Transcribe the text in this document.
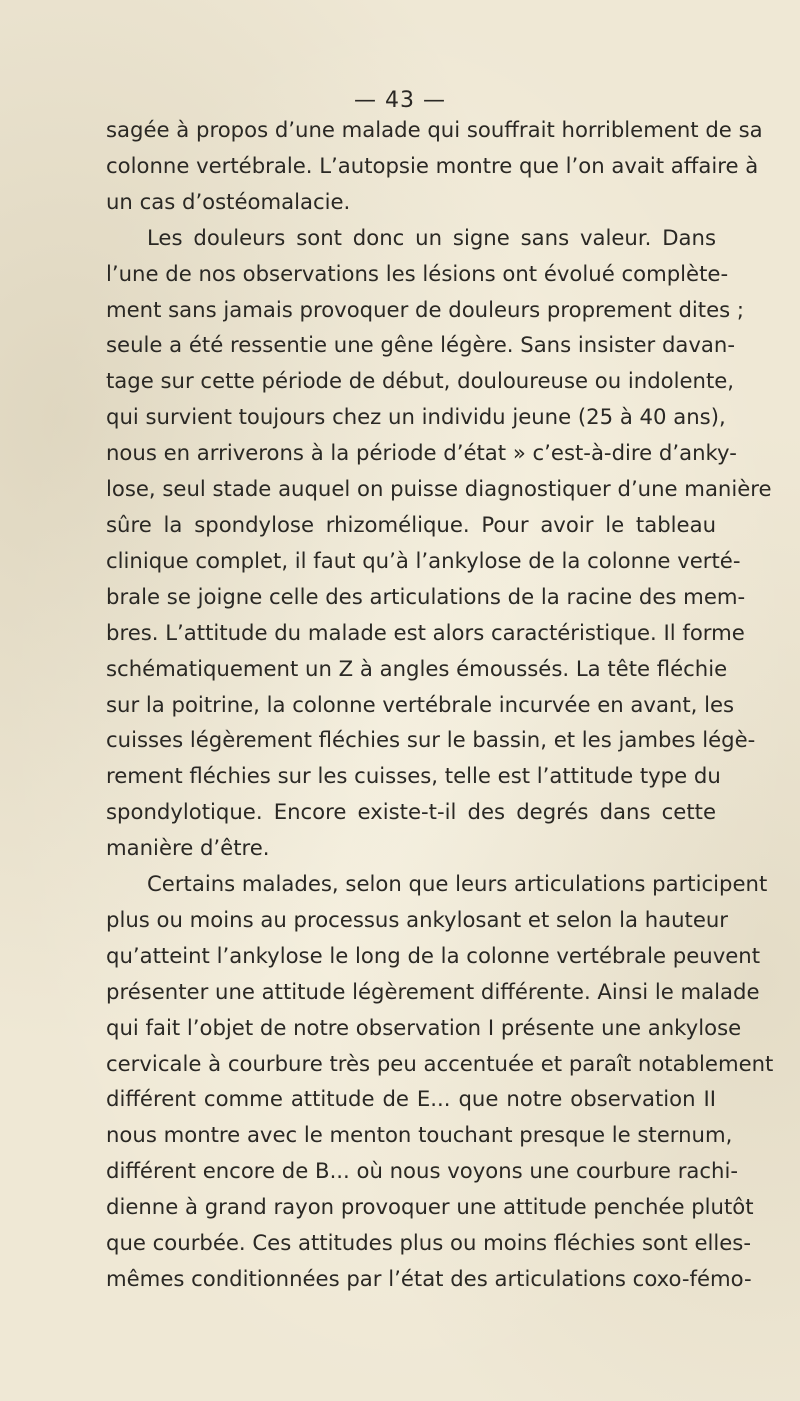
— 43 —
sagée à propos d’une malade qui souffrait horriblement de sa
colonne vertébrale. L’autopsie montre que l’on avait affaire à
un cas d’ostéomalacie.
Les douleurs sont donc un signe sans valeur. Dans
l’une de nos observations les lésions ont évolué complète-
ment sans jamais provoquer de douleurs proprement dites ;
seule a été ressentie une gêne légère. Sans insister davan-
tage sur cette période de début, douloureuse ou indolente,
qui survient toujours chez un individu jeune (25 à 40 ans),
nous en arriverons à la période d’état » c’est-à-dire d’anky-
lose, seul stade auquel on puisse diagnostiquer d’une manière
sûre la spondylose rhizomélique. Pour avoir le tableau
clinique complet, il faut qu’à l’ankylose de la colonne verté-
brale se joigne celle des articulations de la racine des mem-
bres. L’attitude du malade est alors caractéristique. Il forme
schématiquement un Z à angles émoussés. La tête fléchie
sur la poitrine, la colonne vertébrale incurvée en avant, les
cuisses légèrement fléchies sur le bassin, et les jambes légè-
rement fléchies sur les cuisses, telle est l’attitude type du
spondylotique. Encore existe-t-il des degrés dans cette
manière d’être.
Certains malades, selon que leurs articulations participent
plus ou moins au processus ankylosant et selon la hauteur
qu’atteint l’ankylose le long de la colonne vertébrale peuvent
présenter une attitude légèrement différente. Ainsi le malade
qui fait l’objet de notre observation I présente une ankylose
cervicale à courbure très peu accentuée et paraît notablement
différent comme attitude de E... que notre observation II
nous montre avec le menton touchant presque le sternum,
différent encore de B... où nous voyons une courbure rachi-
dienne à grand rayon provoquer une attitude penchée plutôt
que courbée. Ces attitudes plus ou moins fléchies sont elles-
mêmes conditionnées par l’état des articulations coxo-fémo-
